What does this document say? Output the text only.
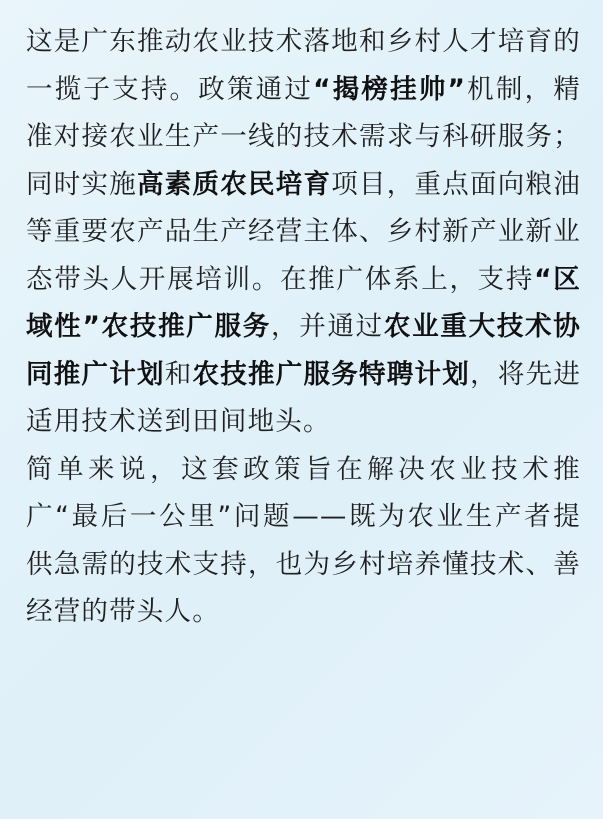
这是广东推动农业技术落地和乡村人才培育的一揽子支持。政策通过“揭榜挂帅”机制，精准对接农业生产一线的技术需求与科研服务；同时实施高素质农民培育项目，重点面向粮油等重要农产品生产经营主体、乡村新产业新业态带头人开展培训。在推广体系上，支持“区域性”农技推广服务，并通过农业重大技术协同推广计划和农技推广服务特聘计划，将先进适用技术送到田间地头。

简单来说，这套政策旨在解决农业技术推广“最后一公里”问题——既为农业生产者提供急需的技术支持，也为乡村培养懂技术、善经营的带头人。
